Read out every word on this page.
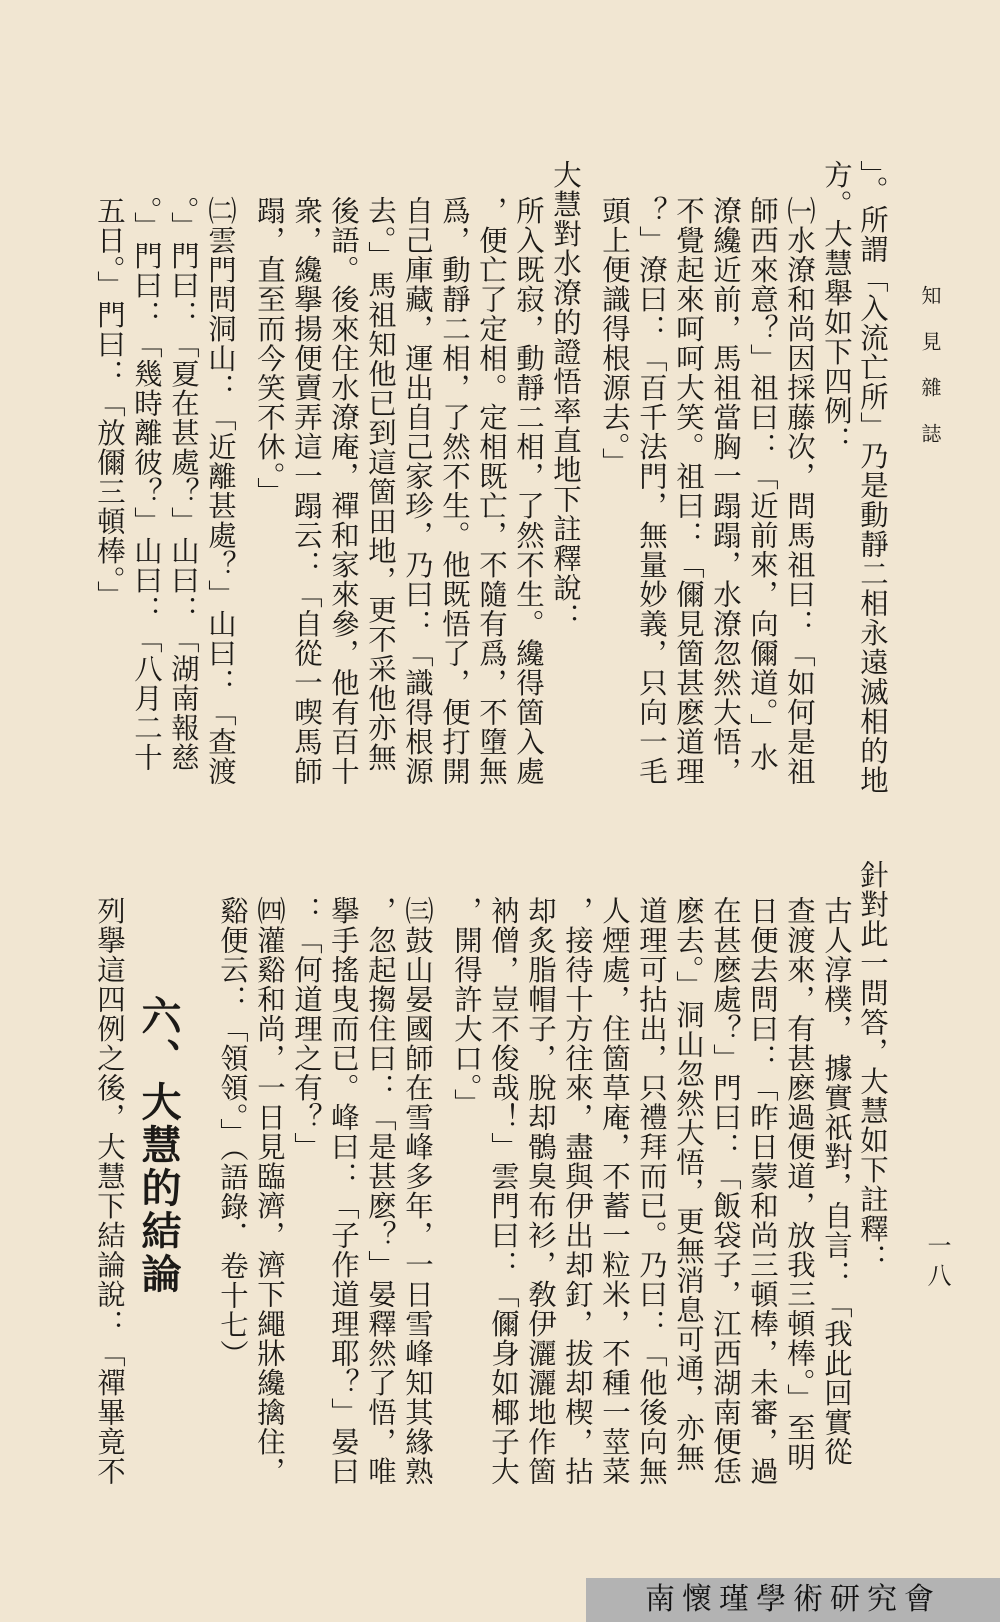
知見雜誌
一八
」。所謂「入流亡所」乃是動靜二相永遠滅相的地
方。大慧舉如下四例：
㈠水潦和尚因採藤次，問馬祖曰：「如何是祖
師西來意？」祖曰：「近前來，向儞道。」水
潦纔近前，馬祖當胸一蹋蹋，水潦忽然大悟，
不覺起來呵呵大笑。祖曰：「儞見箇甚麽道理
？」潦曰：「百千法門，無量妙義，只向一毛
頭上便識得根源去。」
大慧對水潦的證悟率直地下註釋說：
所入既寂，動靜二相，了然不生。纔得箇入處
，便亡了定相。定相既亡，不隨有爲，不墮無
爲，動靜二相，了然不生。他既悟了，便打開
自己庫藏，運出自己家珍，乃曰：「識得根源
去。」馬祖知他已到這箇田地，更不采他亦無
後語。後來住水潦庵，禪和家來參，他有百十
衆，纔擧揚便賣弄這一蹋云：「自從一喫馬師
蹋，直至而今笑不休。」
㈡雲門問洞山：「近離甚處？」山曰：「查渡
。」門曰：「夏在甚處？」山曰：「湖南報慈
。」門曰：「幾時離彼？」山曰：「八月二十
五日。」門曰：「放儞三頓棒。」
針對此一問答，大慧如下註釋：
古人淳樸， 據實祇對，自言：「我此回實從
查渡來，有甚麽過便道，放我三頓棒。」至明
日便去問曰：「昨日蒙和尚三頓棒，未審，過
在甚麽處？」門曰：「飯袋子，江西湖南便恁
麽去。」洞山忽然大悟，更無消息可通，亦無
道理可拈出，只禮拜而已。乃曰：「他後向無
人煙處，住箇草庵，不蓄一粒米，不種一莖菜
，接待十方往來，盡與伊出却釘，拔却楔，拈
却炙脂帽子，脫却鶻臭布衫，敎伊灑灑地作箇
衲僧，豈不俊哉！」雲門曰：「儞身如椰子大
，開得許大口。」
㈢鼓山晏國師在雪峰多年，一日雪峰知其緣熟
，忽起搊住曰：「是甚麽？」晏釋然了悟，唯
擧手搖曳而已。峰曰：「子作道理耶？」晏曰
：「何道理之有？」
㈣灌谿和尚，一日見臨濟，濟下繩牀纔擒住，
谿便云：「領領。」（語錄．卷十七）
六、大慧的結論
列擧這四例之後，大慧下結論說：「禪畢竟不
南懷瑾學術研究會
